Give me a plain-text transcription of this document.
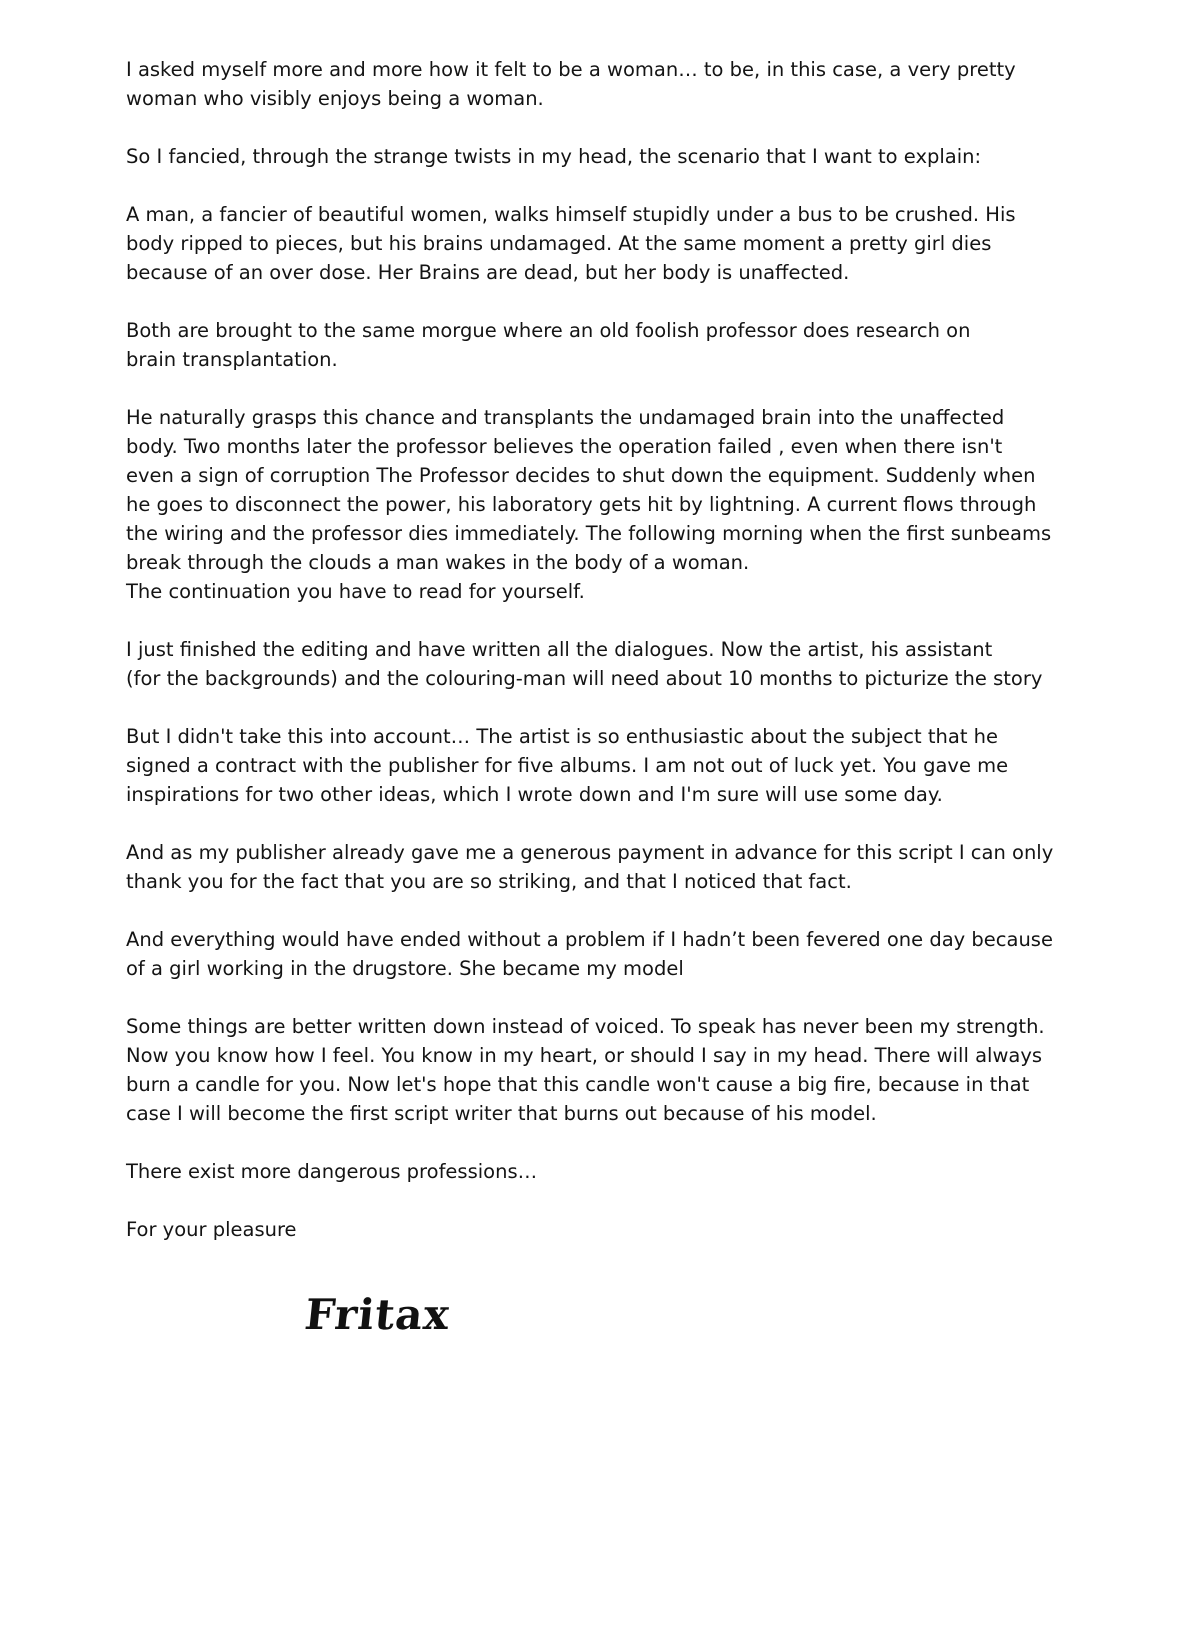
I asked myself more and more how it felt to be a woman… to be, in this case, a very pretty
woman who visibly enjoys being a woman.

So I fancied, through the strange twists in my head, the scenario that I want to explain:

A man, a fancier of beautiful women, walks himself stupidly under a bus to be crushed. His
body ripped to pieces, but his brains undamaged. At the same moment a pretty girl dies
because of an over dose. Her Brains are dead, but her body is unaffected.

Both are brought to the same morgue where an old foolish professor does research on
brain transplantation.

He naturally grasps this chance and transplants the undamaged brain into the unaffected
body. Two months later the professor believes the operation failed , even when there isn't
even a sign of corruption The Professor decides to shut down the equipment. Suddenly when
he goes to disconnect the power, his laboratory gets hit by lightning. A current flows through
the wiring and the professor dies immediately. The following morning when the first sunbeams
break through the clouds a man wakes in the body of a woman.
The continuation you have to read for yourself.

I just finished the editing and have written all the dialogues. Now the artist, his assistant
(for the backgrounds) and the colouring-man will need about 10 months to picturize the story

But I didn't take this into account… The artist is so enthusiastic about the subject that he
signed a contract with the publisher for five albums. I am not out of luck yet. You gave me
inspirations for two other ideas, which I wrote down and I'm sure will use some day.

And as my publisher already gave me a generous payment in advance for this script I can only
thank you for the fact that you are so striking, and that I noticed that fact.

And everything would have ended without a problem if I hadn’t been fevered one day because
of a girl working in the drugstore. She became my model

Some things are better written down instead of voiced. To speak has never been my strength.
Now you know how I feel. You know in my heart, or should I say in my head. There will always
burn a candle for you. Now let's hope that this candle won't cause a big fire, because in that
case I will become the first script writer that burns out because of his model.

There exist more dangerous professions…

For your pleasure

Fritax
